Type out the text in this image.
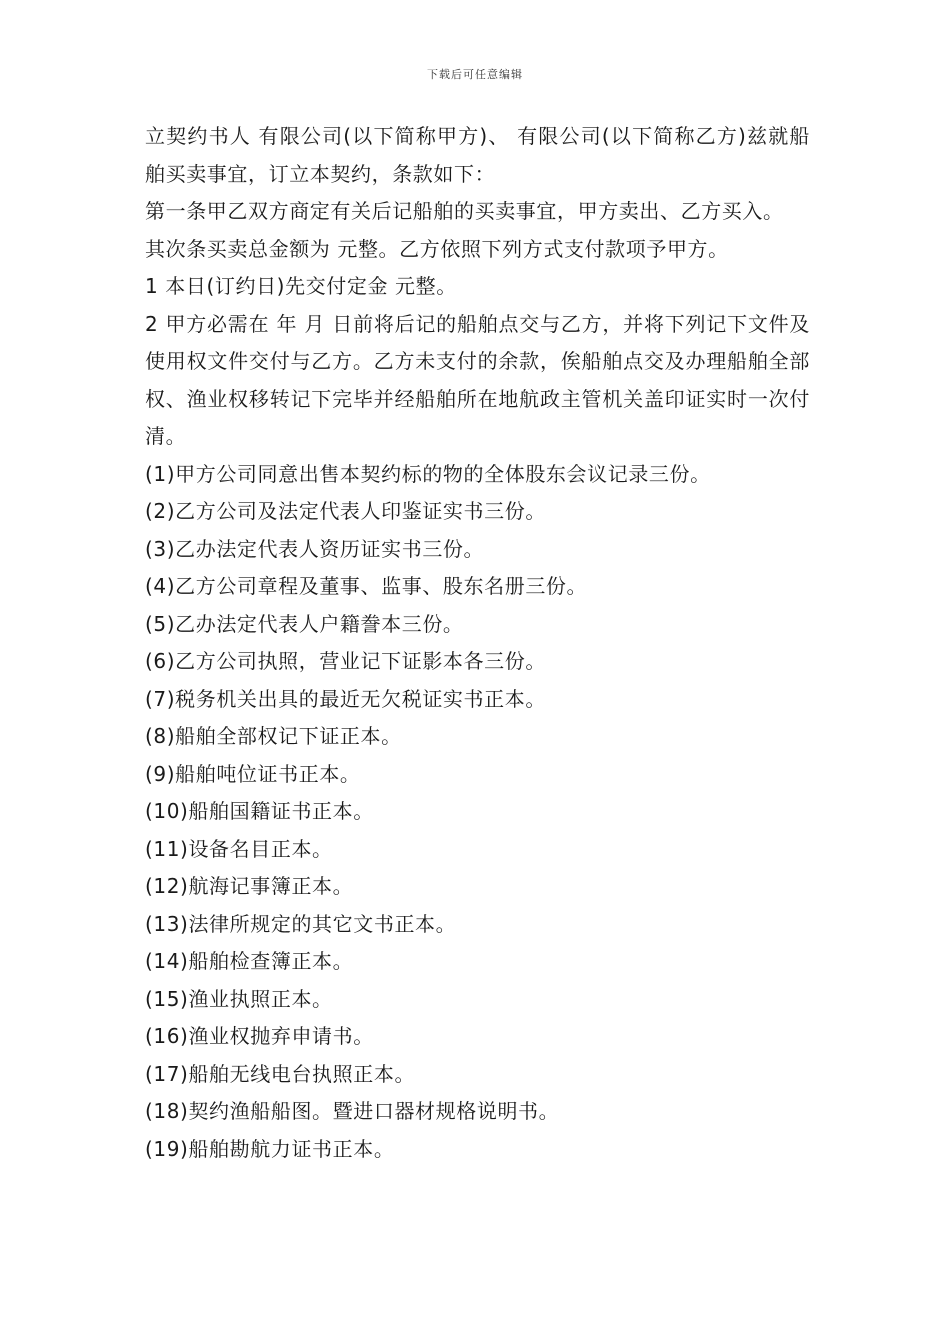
下载后可任意编辑

立契约书人 有限公司(以下简称甲方)、 有限公司(以下简称乙方)兹就船舶买卖事宜，订立本契约，条款如下：

第一条甲乙双方商定有关后记船舶的买卖事宜，甲方卖出、乙方买入。

其次条买卖总金额为 元整。乙方依照下列方式支付款项予甲方。

1 本日(订约日)先交付定金 元整。

2 甲方必需在 年 月 日前将后记的船舶点交与乙方，并将下列记下文件及使用权文件交付与乙方。乙方未支付的余款，俟船舶点交及办理船舶全部权、渔业权移转记下完毕并经船舶所在地航政主管机关盖印证实时一次付清。

(1)甲方公司同意出售本契约标的物的全体股东会议记录三份。

(2)乙方公司及法定代表人印鉴证实书三份。

(3)乙办法定代表人资历证实书三份。

(4)乙方公司章程及董事、监事、股东名册三份。

(5)乙办法定代表人户籍誊本三份。

(6)乙方公司执照，营业记下证影本各三份。

(7)税务机关出具的最近无欠税证实书正本。

(8)船舶全部权记下证正本。

(9)船舶吨位证书正本。

(10)船舶国籍证书正本。

(11)设备名目正本。

(12)航海记事簿正本。

(13)法律所规定的其它文书正本。

(14)船舶检查簿正本。

(15)渔业执照正本。

(16)渔业权抛弃申请书。

(17)船舶无线电台执照正本。

(18)契约渔船船图。暨进口器材规格说明书。

(19)船舶勘航力证书正本。
